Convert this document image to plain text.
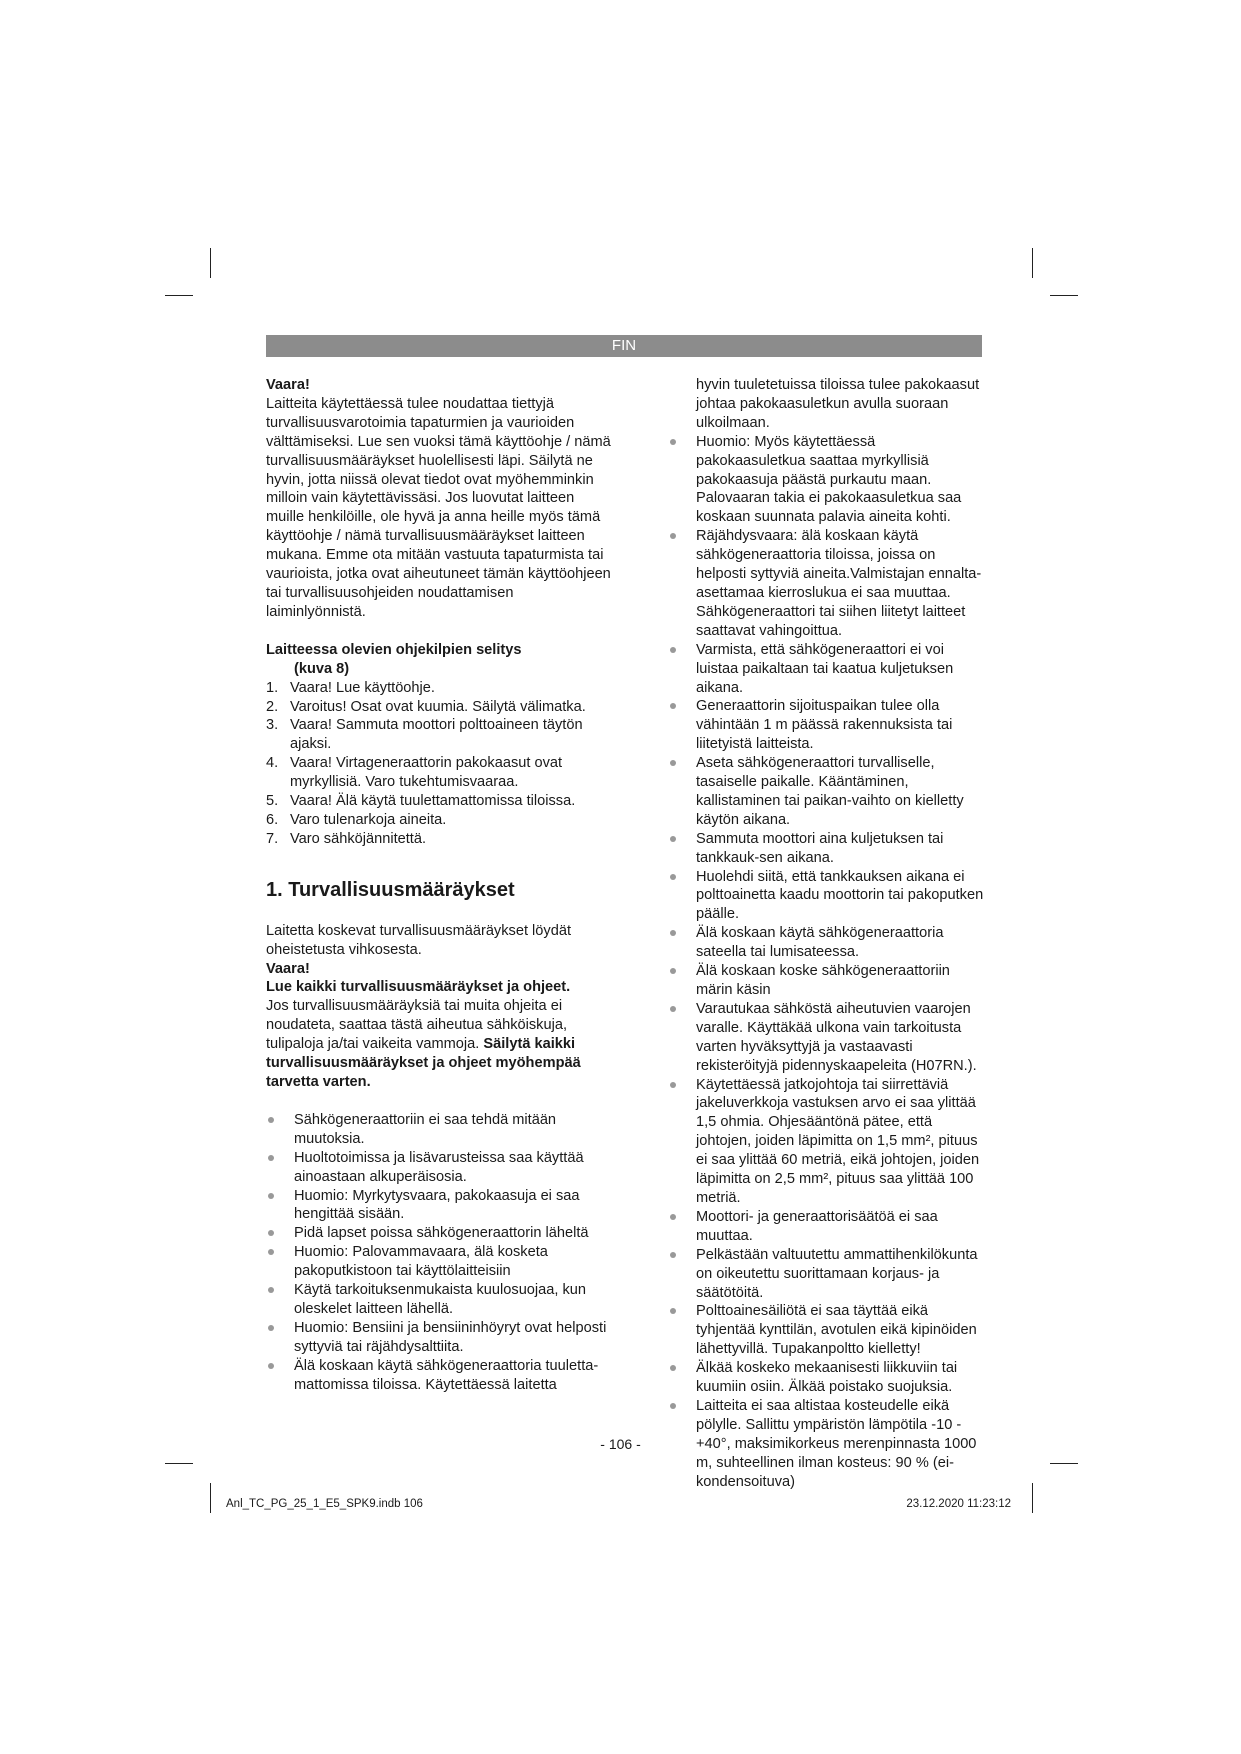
FIN

Vaara!

Laitteita käytettäessä tulee noudattaa tiettyjä turvallisuusvarotoimia tapaturmien ja vaurioiden välttämiseksi. Lue sen vuoksi tämä käyttöohje / nämä turvallisuusmääräykset huolellisesti läpi. Säilytä ne hyvin, jotta niissä olevat tiedot ovat myöhemminkin milloin vain käytettävissäsi. Jos luovutat laitteen muille henkilöille, ole hyvä ja anna heille myös tämä käyttöohje / nämä turvallisuusmääräykset laitteen mukana. Emme ota mitään vastuuta tapaturmista tai vaurioista, jotka ovat aiheutuneet tämän käyttöohjeen tai turvallisuusohjeiden noudattamisen laiminlyönnistä.

Laitteessa olevien ohjekilpien selitys

(kuva 8)

1. Vaara! Lue käyttöohje.
2. Varoitus! Osat ovat kuumia. Säilytä välimatka.
3. Vaara! Sammuta moottori polttoaineen täytön ajaksi.
4. Vaara! Virtageneraattorin pakokaasut ovat myrkyllisiä. Varo tukehtumisvaaraa.
5. Vaara! Älä käytä tuulettamattomissa tiloissa.
6. Varo tulenarkoja aineita.
7. Varo sähköjännitettä.

1. Turvallisuusmääräykset

Laitetta koskevat turvallisuusmääräykset löydät oheistetusta vihkosesta.

Vaara!

Lue kaikki turvallisuusmääräykset ja ohjeet.

Jos turvallisuusmääräyksiä tai muita ohjeita ei noudateta, saattaa tästä aiheutua sähköiskuja, tulipaloja ja/tai vaikeita vammoja. Säilytä kaikki turvallisuusmääräykset ja ohjeet myöhempää tarvetta varten.

Sähkögeneraattoriin ei saa tehdä mitään muutoksia.
Huoltotoimissa ja lisävarusteissa saa käyttää ainoastaan alkuperäisosia.
Huomio: Myrkytysvaara, pakokaasuja ei saa hengittää sisään.
Pidä lapset poissa sähkögeneraattorin läheltä
Huomio: Palovammavaara, älä kosketa pakoputkistoon tai käyttölaitteisiin
Käytä tarkoituksenmukaista kuulosuojaa, kun oleskelet laitteen lähellä.
Huomio: Bensiini ja bensiininhöyryt ovat helposti syttyviä tai räjähdysalttiita.
Älä koskaan käytä sähkögeneraattoria tuuletta-mattomissa tiloissa. Käytettäessä laitetta

hyvin tuuletetuissa tiloissa tulee pakokaasut johtaa pakokaasuletkun avulla suoraan ulkoilmaan.

Huomio: Myös käytettäessä pakokaasuletkua saattaa myrkyllisiä pakokaasuja päästä purkautu maan. Palovaaran takia ei pakokaasuletkua saa koskaan suunnata palavia aineita kohti.
Räjähdysvaara: älä koskaan käytä sähkögeneraattoria tiloissa, joissa on helposti syttyviä aineita.Valmistajan ennalta-asettamaa kierroslukua ei saa muuttaa. Sähkögeneraattori tai siihen liitetyt laitteet saattavat vahingoittua.
Varmista, että sähkögeneraattori ei voi luistaa paikaltaan tai kaatua kuljetuksen aikana.
Generaattorin sijoituspaikan tulee olla vähintään 1 m päässä rakennuksista tai liitetyistä laitteista.
Aseta sähkögeneraattori turvalliselle, tasaiselle paikalle. Kääntäminen, kallistaminen tai paikan-vaihto on kielletty käytön aikana.
Sammuta moottori aina kuljetuksen tai tankkauk-sen aikana.
Huolehdi siitä, että tankkauksen aikana ei polttoainetta kaadu moottorin tai pakoputken päälle.
Älä koskaan käytä sähkögeneraattoria sateella tai lumisateessa.
Älä koskaan koske sähkögeneraattoriin märin käsin
Varautukaa sähköstä aiheutuvien vaarojen varalle. Käyttäkää ulkona vain tarkoitusta varten hyväksyttyjä ja vastaavasti rekisteröityjä pidennyskaapeleita (H07RN.).
Käytettäessä jatkojohtoja tai siirrettäviä jakeluverkkoja vastuksen arvo ei saa ylittää 1,5 ohmia. Ohjesääntönä pätee, että johtojen, joiden läpimitta on 1,5 mm², pituus ei saa ylittää 60 metriä, eikä johtojen, joiden läpimitta on 2,5 mm², pituus saa ylittää 100 metriä.
Moottori- ja generaattorisäätöä ei saa muuttaa.
Pelkästään valtuutettu ammattihenkilökunta on oikeutettu suorittamaan korjaus- ja säätötöitä.
Polttoainesäiliötä ei saa täyttää eikä tyhjentää kynttilän, avotulen eikä kipinöiden lähettyvillä. Tupakanpoltto kielletty!
Älkää koskeko mekaanisesti liikkuviin tai kuumiin osiin. Älkää poistako suojuksia.
Laitteita ei saa altistaa kosteudelle eikä pölylle. Sallittu ympäristön lämpötila -10 - +40°, maksimikorkeus merenpinnasta 1000 m, suhteellinen ilman kosteus: 90 % (ei-kondensoituva)
- 106 -
Anl_TC_PG_25_1_E5_SPK9.indb 106	23.12.2020 11:23:12
